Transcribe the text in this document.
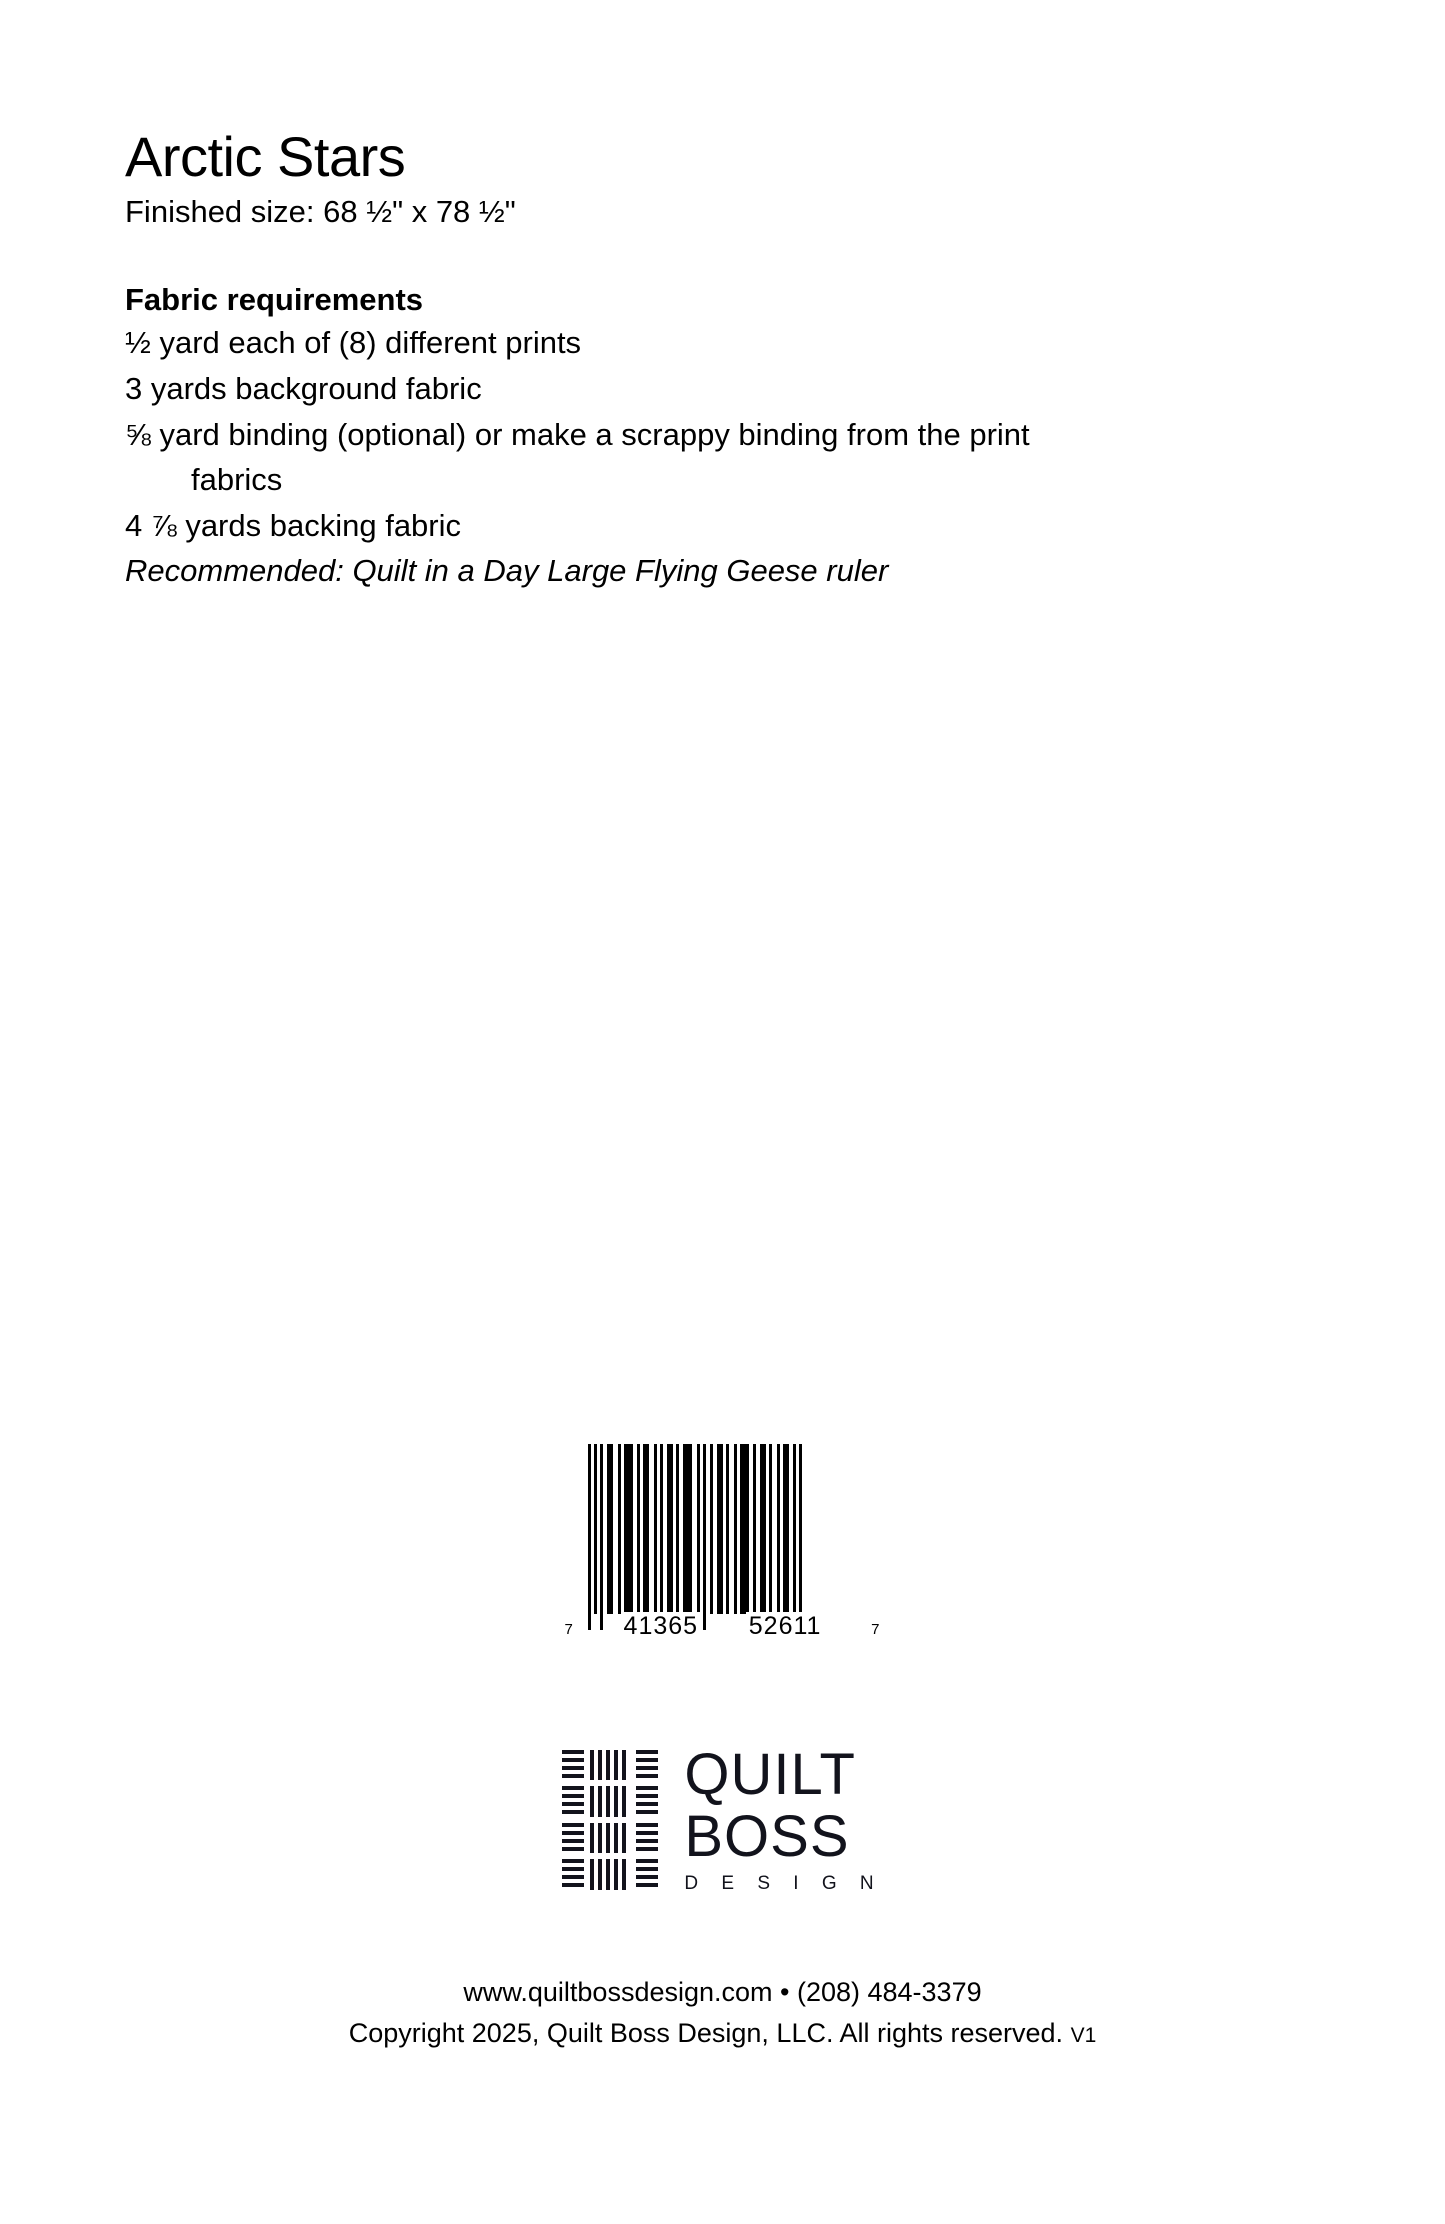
Arctic Stars

Finished size: 68 ½" x 78 ½"

Fabric requirements

½ yard each of (8) different prints

3 yards background fabric

⅝ yard binding (optional) or make a scrappy binding from the print

fabrics

4 ⅞ yards backing fabric

Recommended: Quilt in a Day Large Flying Geese ruler

7 41365 52611	7
QUILT
BOSS
D E S I G N
www.quiltbossdesign.com • (208) 484-3379
Copyright 2025, Quilt Boss Design, LLC. All rights reserved. V1
